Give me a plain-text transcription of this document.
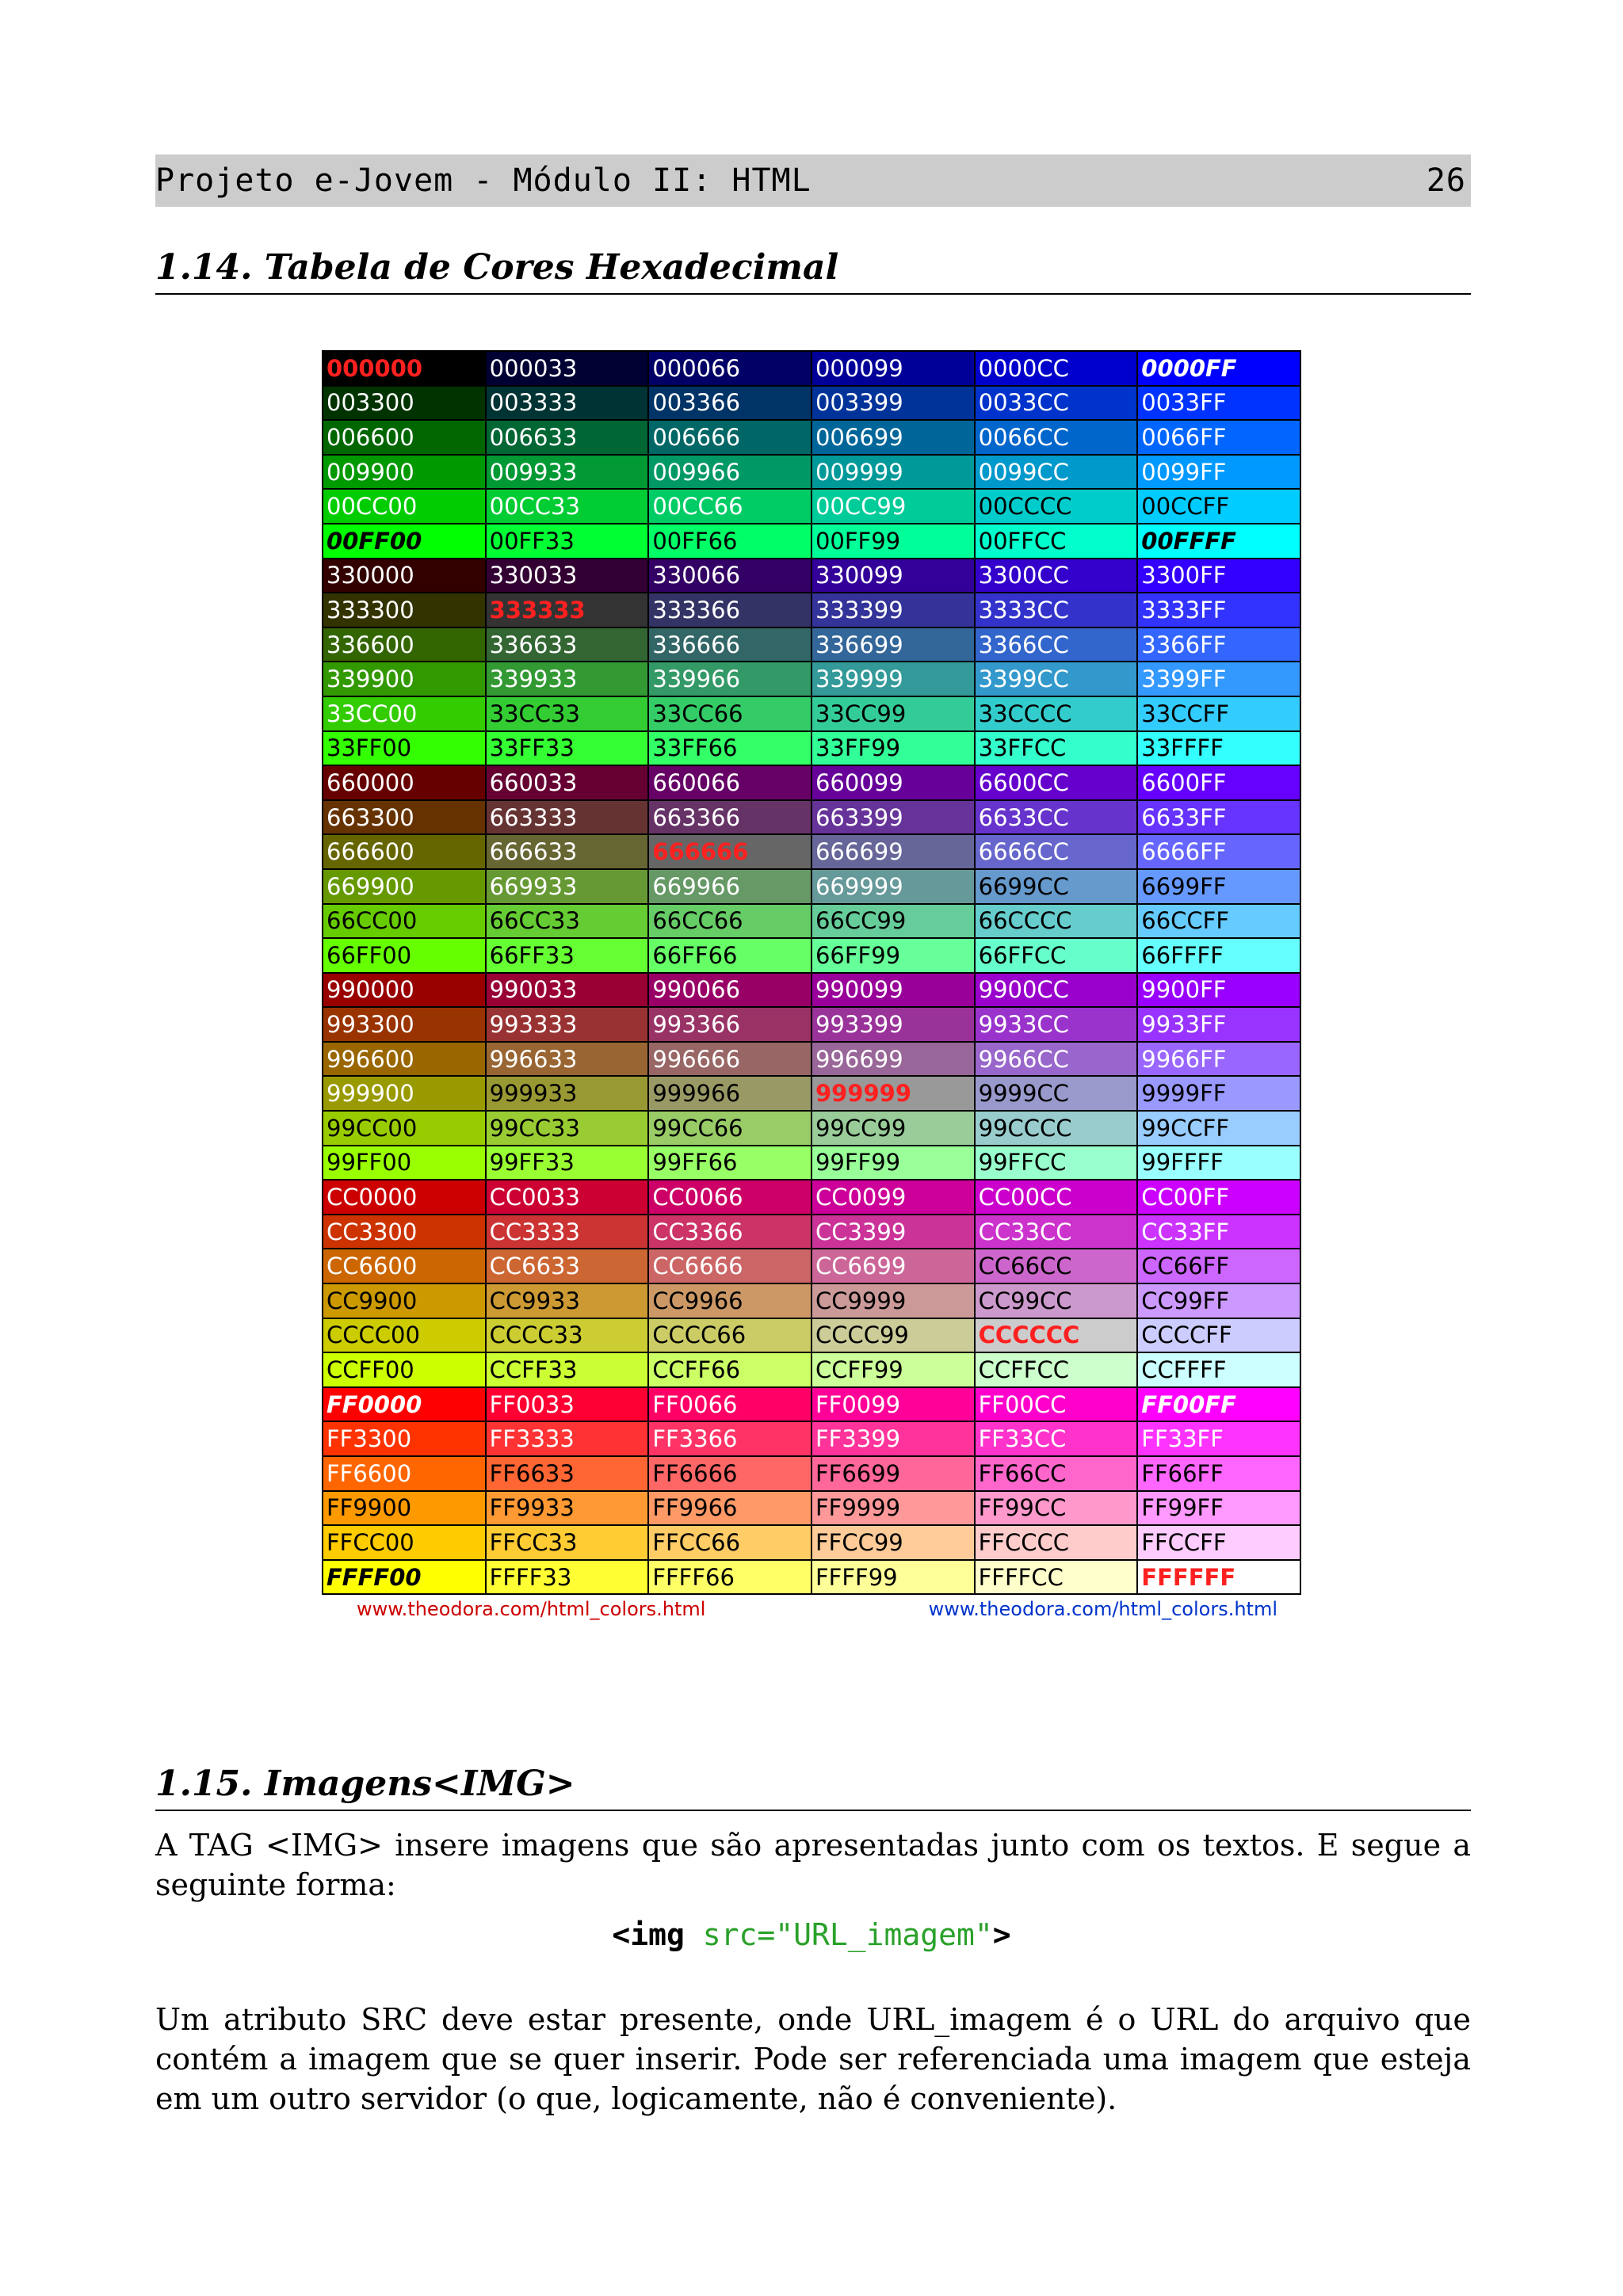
Projeto e-Jovem - Módulo II: HTML	26
1.14. Tabela de Cores Hexadecimal
000000	000033	000066	000099	0000CC	0000FF
003300	003333	003366	003399	0033CC	0033FF
006600	006633	006666	006699	0066CC	0066FF
009900	009933	009966	009999	0099CC	0099FF
00CC00	00CC33	00CC66	00CC99	00CCCC	00CCFF
00FF00	00FF33	00FF66	00FF99	00FFCC	00FFFF
330000	330033	330066	330099	3300CC	3300FF
333300	333333	333366	333399	3333CC	3333FF
336600	336633	336666	336699	3366CC	3366FF
339900	339933	339966	339999	3399CC	3399FF
33CC00	33CC33	33CC66	33CC99	33CCCC	33CCFF
33FF00	33FF33	33FF66	33FF99	33FFCC	33FFFF
660000	660033	660066	660099	6600CC	6600FF
663300	663333	663366	663399	6633CC	6633FF
666600	666633	666666	666699	6666CC	6666FF
669900	669933	669966	669999	6699CC	6699FF
66CC00	66CC33	66CC66	66CC99	66CCCC	66CCFF
66FF00	66FF33	66FF66	66FF99	66FFCC	66FFFF
990000	990033	990066	990099	9900CC	9900FF
993300	993333	993366	993399	9933CC	9933FF
996600	996633	996666	996699	9966CC	9966FF
999900	999933	999966	999999	9999CC	9999FF
99CC00	99CC33	99CC66	99CC99	99CCCC	99CCFF
99FF00	99FF33	99FF66	99FF99	99FFCC	99FFFF
CC0000	CC0033	CC0066	CC0099	CC00CC	CC00FF
CC3300	CC3333	CC3366	CC3399	CC33CC	CC33FF
CC6600	CC6633	CC6666	CC6699	CC66CC	CC66FF
CC9900	CC9933	CC9966	CC9999	CC99CC	CC99FF
CCCC00	CCCC33	CCCC66	CCCC99	CCCCCC	CCCCFF
CCFF00	CCFF33	CCFF66	CCFF99	CCFFCC	CCFFFF
FF0000	FF0033	FF0066	FF0099	FF00CC	FF00FF
FF3300	FF3333	FF3366	FF3399	FF33CC	FF33FF
FF6600	FF6633	FF6666	FF6699	FF66CC	FF66FF
FF9900	FF9933	FF9966	FF9999	FF99CC	FF99FF
FFCC00	FFCC33	FFCC66	FFCC99	FFCCCC	FFCCFF
FFFF00	FFFF33	FFFF66	FFFF99	FFFFCC	FFFFFF
www.theodora.com/html_colors.html	www.theodora.com/html_colors.html
1.15. Imagens<IMG>
A TAG <IMG> insere imagens que são apresentadas junto com os textos. E segue a seguinte forma:
<img src="URL_imagem">
Um atributo SRC deve estar presente, onde URL_imagem é o URL do arquivo que contém a imagem que se quer inserir. Pode ser referenciada uma imagem que esteja em um outro servidor (o que, logicamente, não é conveniente).
